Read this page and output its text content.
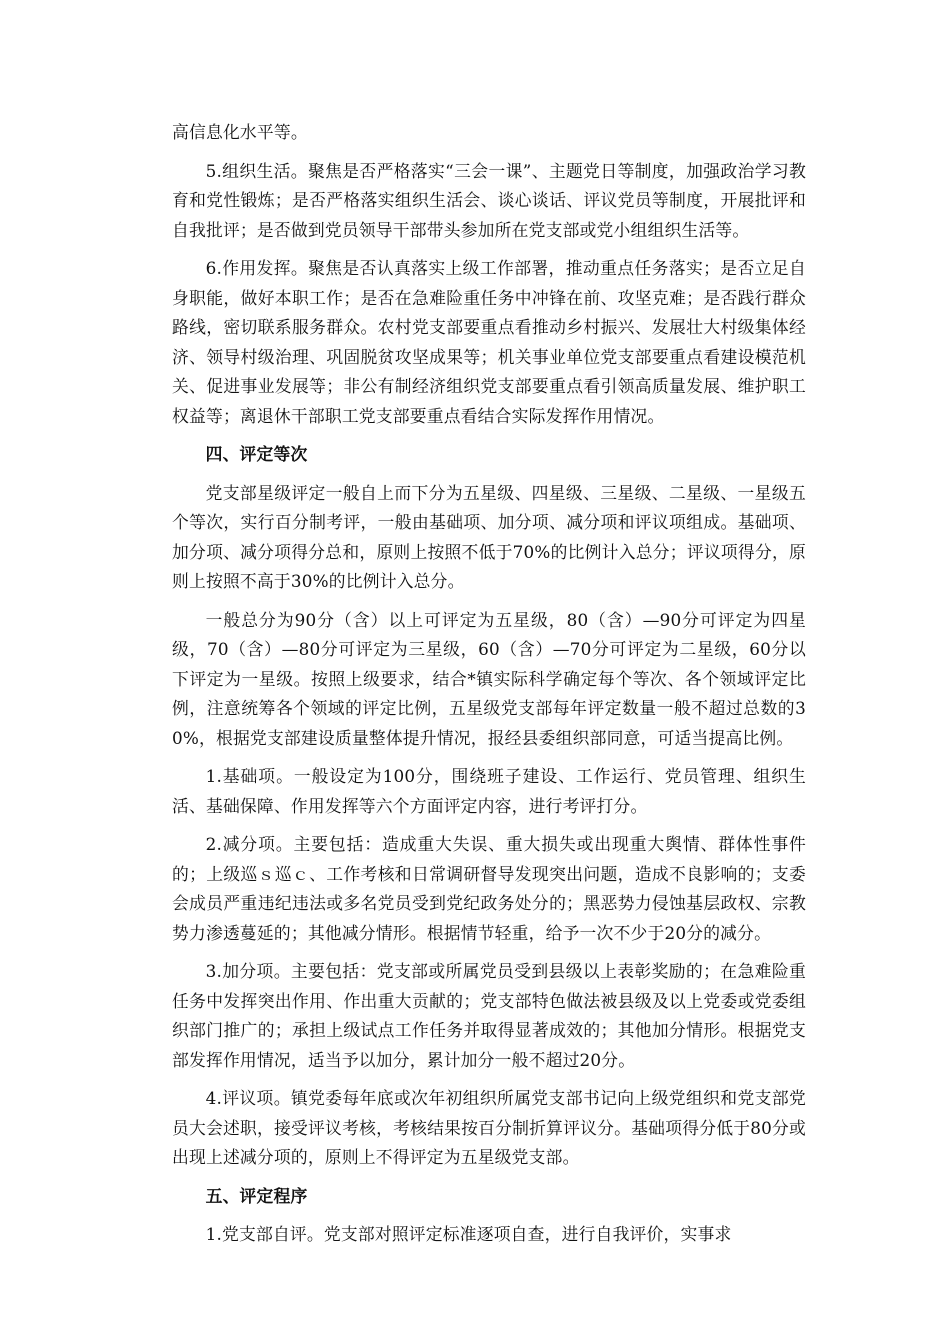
高信息化水平等。

5.组织生活。聚焦是否严格落实“三会一课”、主题党日等制度，加强政治学习教育和党性锻炼；是否严格落实组织生活会、谈心谈话、评议党员等制度，开展批评和自我批评；是否做到党员领导干部带头参加所在党支部或党小组组织生活等。

6.作用发挥。聚焦是否认真落实上级工作部署，推动重点任务落实；是否立足自身职能，做好本职工作；是否在急难险重任务中冲锋在前、攻坚克难；是否践行群众路线，密切联系服务群众。农村党支部要重点看推动乡村振兴、发展壮大村级集体经济、领导村级治理、巩固脱贫攻坚成果等；机关事业单位党支部要重点看建设模范机关、促进事业发展等；非公有制经济组织党支部要重点看引领高质量发展、维护职工权益等；离退休干部职工党支部要重点看结合实际发挥作用情况。

四、评定等次

党支部星级评定一般自上而下分为五星级、四星级、三星级、二星级、一星级五个等次，实行百分制考评，一般由基础项、加分项、减分项和评议项组成。基础项、加分项、减分项得分总和，原则上按照不低于70%的比例计入总分；评议项得分，原则上按照不高于30%的比例计入总分。

一般总分为90分（含）以上可评定为五星级，80（含）—90分可评定为四星级，70（含）—80分可评定为三星级，60（含）—70分可评定为二星级，60分以下评定为一星级。按照上级要求，结合*镇实际科学确定每个等次、各个领域评定比例，注意统筹各个领域的评定比例，五星级党支部每年评定数量一般不超过总数的30%，根据党支部建设质量整体提升情况，报经县委组织部同意，可适当提高比例。

1.基础项。一般设定为100分，围绕班子建设、工作运行、党员管理、组织生活、基础保障、作用发挥等六个方面评定内容，进行考评打分。

2.减分项。主要包括：造成重大失误、重大损失或出现重大舆情、群体性事件的；上级巡ｓ巡ｃ、工作考核和日常调研督导发现突出问题，造成不良影响的；支委会成员严重违纪违法或多名党员受到党纪政务处分的；黑恶势力侵蚀基层政权、宗教势力渗透蔓延的；其他减分情形。根据情节轻重，给予一次不少于20分的减分。

3.加分项。主要包括：党支部或所属党员受到县级以上表彰奖励的；在急难险重任务中发挥突出作用、作出重大贡献的；党支部特色做法被县级及以上党委或党委组织部门推广的；承担上级试点工作任务并取得显著成效的；其他加分情形。根据党支部发挥作用情况，适当予以加分，累计加分一般不超过20分。

4.评议项。镇党委每年底或次年初组织所属党支部书记向上级党组织和党支部党员大会述职，接受评议考核，考核结果按百分制折算评议分。基础项得分低于80分或出现上述减分项的，原则上不得评定为五星级党支部。

五、评定程序

1.党支部自评。党支部对照评定标准逐项自查，进行自我评价，实事求
